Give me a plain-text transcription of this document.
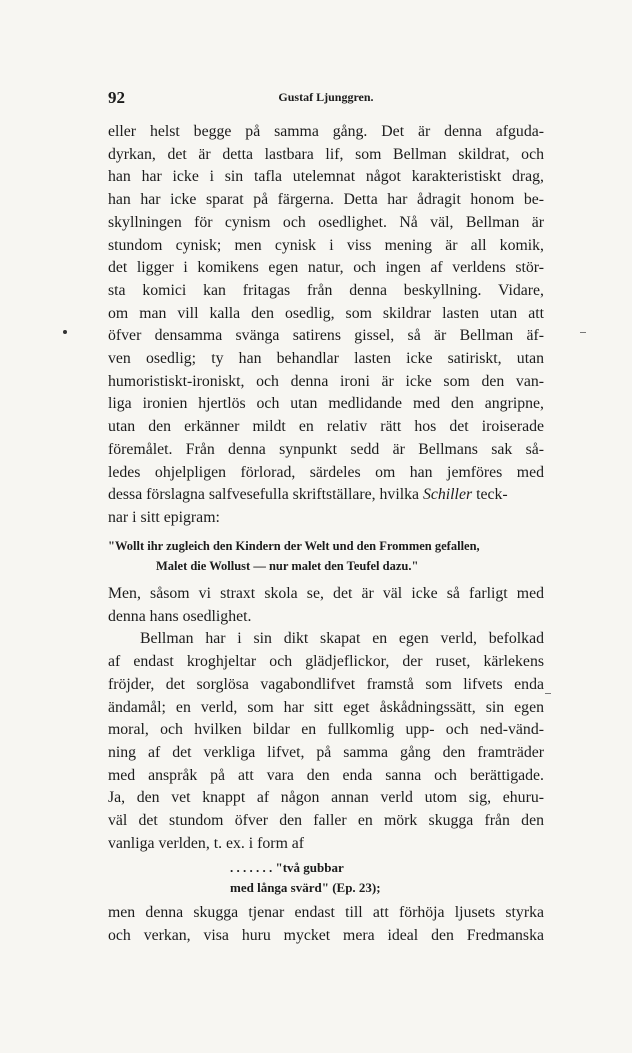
92	Gustaf Ljunggren.
eller helst begge på samma gång. Det är denna afguda-
dyrkan, det är detta lastbara lif, som Bellman skildrat, och
han har icke i sin tafla utelemnat något karakteristiskt drag,
han har icke sparat på färgerna. Detta har ådragit honom be-
skyllningen för cynism och osedlighet. Nå väl, Bellman är
stundom cynisk; men cynisk i viss mening är all komik,
det ligger i komikens egen natur, och ingen af verldens stör-
sta komici kan fritagas från denna beskyllning. Vidare,
om man vill kalla den osedlig, som skildrar lasten utan att
öfver densamma svänga satirens gissel, så är Bellman äf-
ven osedlig; ty han behandlar lasten icke satiriskt, utan
humoristiskt-ironiskt, och denna ironi är icke som den van-
liga ironien hjertlös och utan medlidande med den angripne,
utan den erkänner mildt en relativ rätt hos det iroiserade
föremålet. Från denna synpunkt sedd är Bellmans sak så-
ledes ohjelpligen förlorad, särdeles om han jemföres med
dessa förslagna salfvesefulla skriftställare, hvilka Schiller teck-
nar i sitt epigram:
"Wollt ihr zugleich den Kindern der Welt und den Frommen gefallen,
Malet die Wollust — nur malet den Teufel dazu."
Men, såsom vi straxt skola se, det är väl icke så farligt med
denna hans osedlighet.
Bellman har i sin dikt skapat en egen verld, befolkad
af endast kroghjeltar och glädjeflickor, der ruset, kärlekens
fröjder, det sorglösa vagabondlifvet framstå som lifvets enda
ändamål; en verld, som har sitt eget åskådningssätt, sin egen
moral, och hvilken bildar en fullkomlig upp- och ned-vänd-
ning af det verkliga lifvet, på samma gång den framträder
med anspråk på att vara den enda sanna och berättigade.
Ja, den vet knappt af någon annan verld utom sig, ehuru-
väl det stundom öfver den faller en mörk skugga från den
vanliga verlden, t. ex. i form af
. . . . . . . "två gubbar
med långa svärd" (Ep. 23);
men denna skugga tjenar endast till att förhöja ljusets styrka
och verkan, visa huru mycket mera ideal den Fredmanska
